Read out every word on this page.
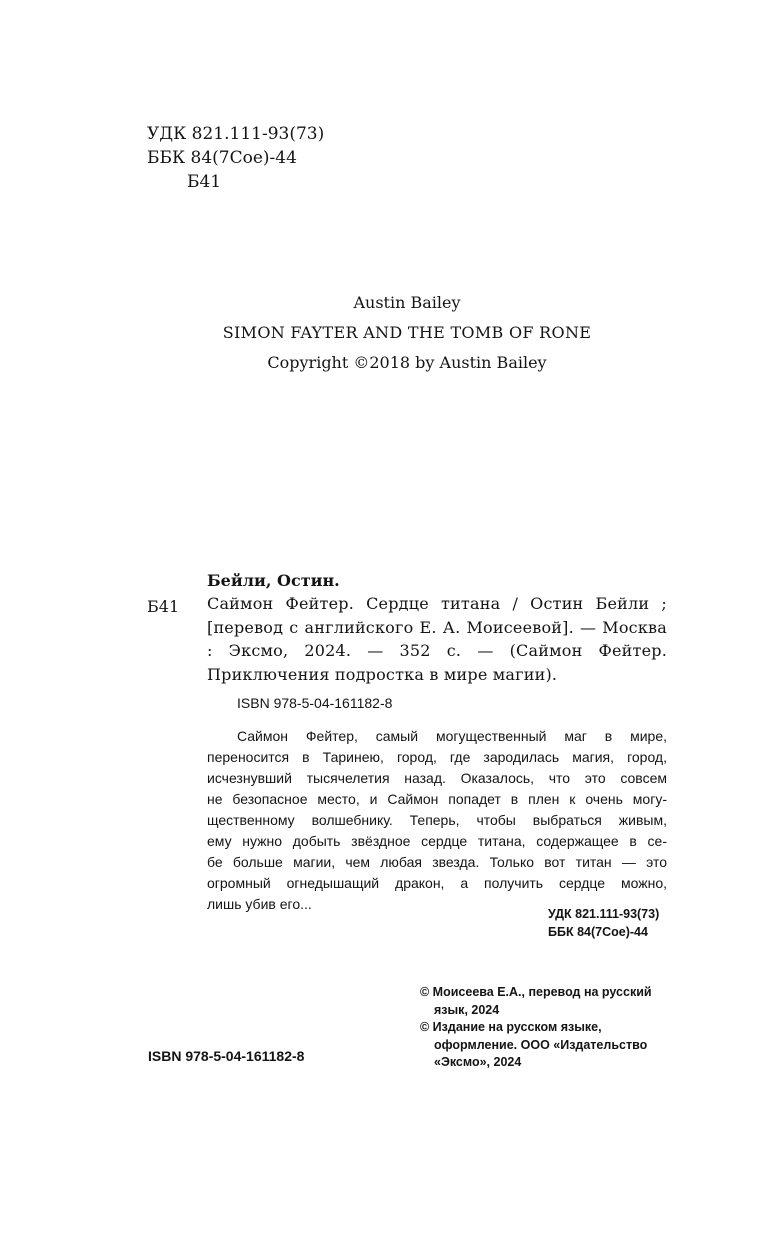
УДК 821.111-93(73)
ББК 84(7Сое)-44
Б41
Austin Bailey
SIMON FAYTER AND THE TOMB OF RONE
Copyright ©2018 by Austin Bailey
Бейли, Остин.
Б41 Саймон Фейтер. Сердце титана / Остин Бейли ; [перевод с английского Е. А. Моисеевой]. — Москва : Эксмо, 2024. — 352 с. — (Саймон Фейтер. Приключения подростка в мире магии).
ISBN 978-5-04-161182-8
Саймон Фейтер, самый могущественный маг в мире,
переносится в Таринею, город, где зародилась магия, город,
исчезнувший тысячелетия назад. Оказалось, что это совсем
не безопасное место, и Саймон попадет в плен к очень могу-
щественному волшебнику. Теперь, чтобы выбраться живым,
ему нужно добыть звёздное сердце титана, содержащее в се-
бе больше магии, чем любая звезда. Только вот титан — это
огромный огнедышащий дракон, а получить сердце можно,
лишь убив его...
УДК 821.111-93(73)
ББК 84(7Сое)-44
© Моисеева Е.А., перевод на русский
язык, 2024
© Издание на русском языке,
оформление. ООО «Издательство
«Эксмо», 2024
ISBN 978-5-04-161182-8
